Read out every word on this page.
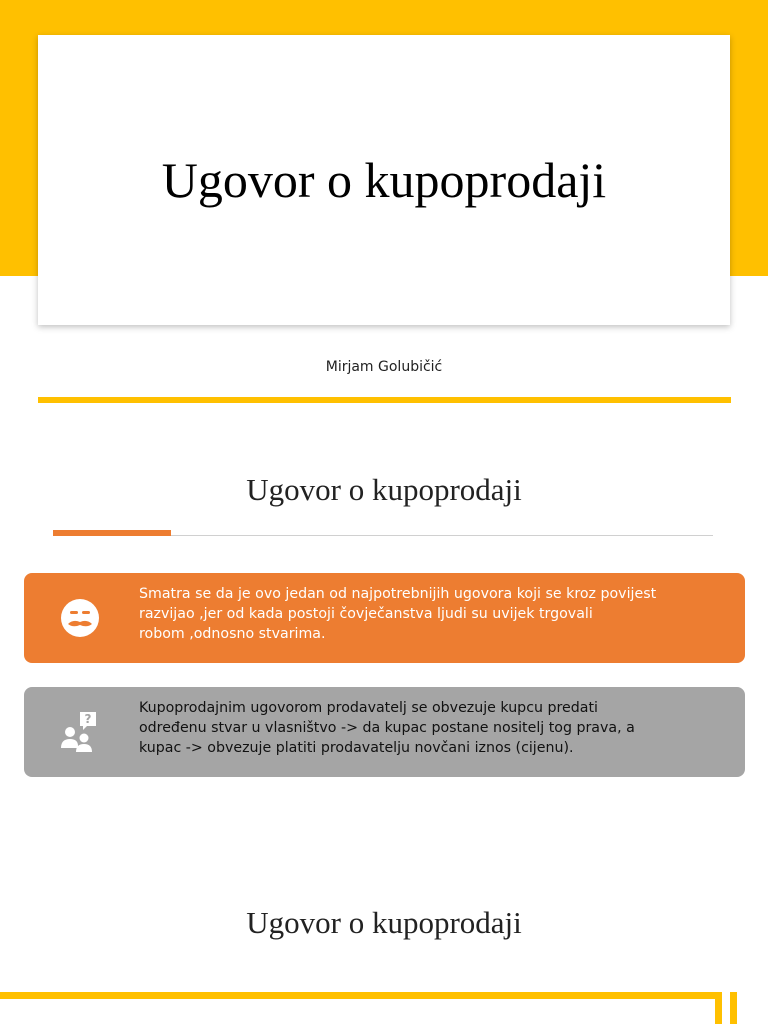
Ugovor o kupoprodaji
Mirjam Golubičić
Ugovor o kupoprodaji
Smatra se da je ovo jedan od najpotrebnijih ugovora koji se kroz povijest
razvijao ,jer od kada postoji čovječanstva ljudi su uvijek trgovali
robom ,odnosno stvarima.
?
Kupoprodajnim ugovorom prodavatelj se obvezuje kupcu predati
određenu stvar u vlasništvo -> da kupac postane nositelj tog prava, a
kupac -> obvezuje platiti prodavatelju novčani iznos (cijenu).
Ugovor o kupoprodaji
